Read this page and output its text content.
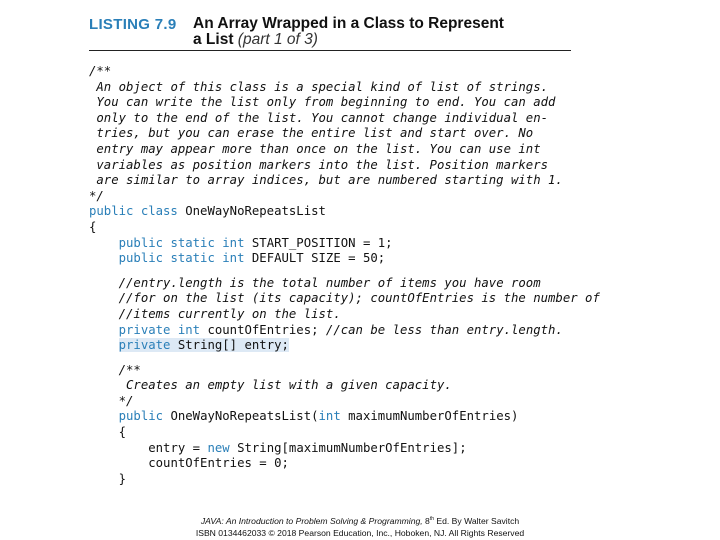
LISTING 7.9 An Array Wrapped in a Class to Represent
a List (part 1 of 3)
/**
An object of this class is a special kind of list of strings.
You can write the list only from beginning to end. You can add
only to the end of the list. You cannot change individual en-
tries, but you can erase the entire list and start over. No
entry may appear more than once on the list. You can use int
variables as position markers into the list. Position markers
are similar to array indices, but are numbered starting with 1.
*/
public class OneWayNoRepeatsList
{
public static int START_POSITION = 1;
public static int DEFAULT SIZE = 50;
//entry.length is the total number of items you have room
//for on the list (its capacity); countOfEntries is the number of
//items currently on the list.
private int countOfEntries; //can be less than entry.length.
private String[] entry;
/**
Creates an empty list with a given capacity.
*/
public OneWayNoRepeatsList(int maximumNumberOfEntries)
{
entry = new String[maximumNumberOfEntries];
countOfEntries = 0;
}
JAVA: An Introduction to Problem Solving & Programming, 8th Ed. By Walter Savitch
ISBN 0134462033 © 2018 Pearson Education, Inc., Hoboken, NJ. All Rights Reserved
